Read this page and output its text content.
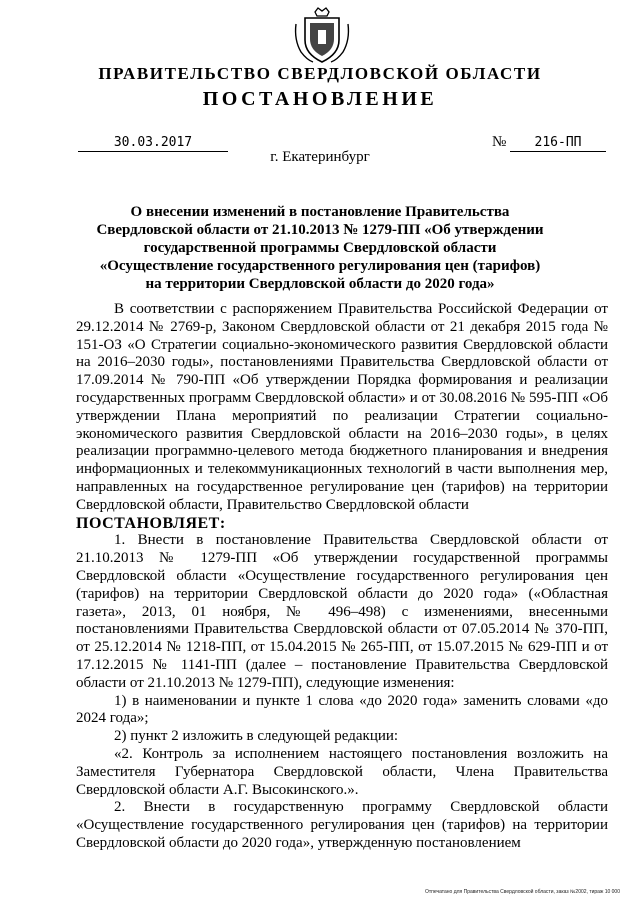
ПРАВИТЕЛЬСТВО СВЕРДЛОВСКОЙ ОБЛАСТИ
ПОСТАНОВЛЕНИЕ
30.03.2017	№	216-ПП
г. Екатеринбург
О внесении изменений в постановление Правительства Свердловской области от 21.10.2013 № 1279-ПП «Об утверждении государственной программы Свердловской области «Осуществление государственного регулирования цен (тарифов) на территории Свердловской области до 2020 года»

В соответствии с распоряжением Правительства Российской Федерации от 29.12.2014 № 2769-р, Законом Свердловской области от 21 декабря 2015 года № 151-ОЗ «О Стратегии социально-экономического развития Свердловской области на 2016–2030 годы», постановлениями Правительства Свердловской области от 17.09.2014 № 790-ПП «Об утверждении Порядка формирования и реализации государственных программ Свердловской области» и от 30.08.2016 № 595-ПП «Об утверждении Плана мероприятий по реализации Стратегии социально-экономического развития Свердловской области на 2016–2030 годы», в целях реализации программно-целевого метода бюджетного планирования и внедрения информационных и телекоммуникационных технологий в части выполнения мер, направленных на государственное регулирование цен (тарифов) на территории Свердловской области, Правительство Свердловской области

ПОСТАНОВЛЯЕТ:

1. Внести в постановление Правительства Свердловской области от 21.10.2013 № 1279-ПП «Об утверждении государственной программы Свердловской области «Осуществление государственного регулирования цен (тарифов) на территории Свердловской области до 2020 года» («Областная газета», 2013, 01 ноября, № 496–498) с изменениями, внесенными постановлениями Правительства Свердловской области от 07.05.2014 № 370-ПП, от 25.12.2014 № 1218-ПП, от 15.04.2015 № 265-ПП, от 15.07.2015 № 629-ПП и от 17.12.2015 № 1141-ПП (далее – постановление Правительства Свердловской области от 21.10.2013 № 1279-ПП), следующие изменения:

1) в наименовании и пункте 1 слова «до 2020 года» заменить словами «до 2024 года»;

2) пункт 2 изложить в следующей редакции:

«2. Контроль за исполнением настоящего постановления возложить на Заместителя Губернатора Свердловской области, Члена Правительства Свердловской области А.Г. Высокинского.».

2. Внести в государственную программу Свердловской области «Осуществление государственного регулирования цен (тарифов) на территории Свердловской области до 2020 года», утвержденную постановлением

Отпечатано для Правительства Свердловской области, заказ №2002, тираж 10 000
